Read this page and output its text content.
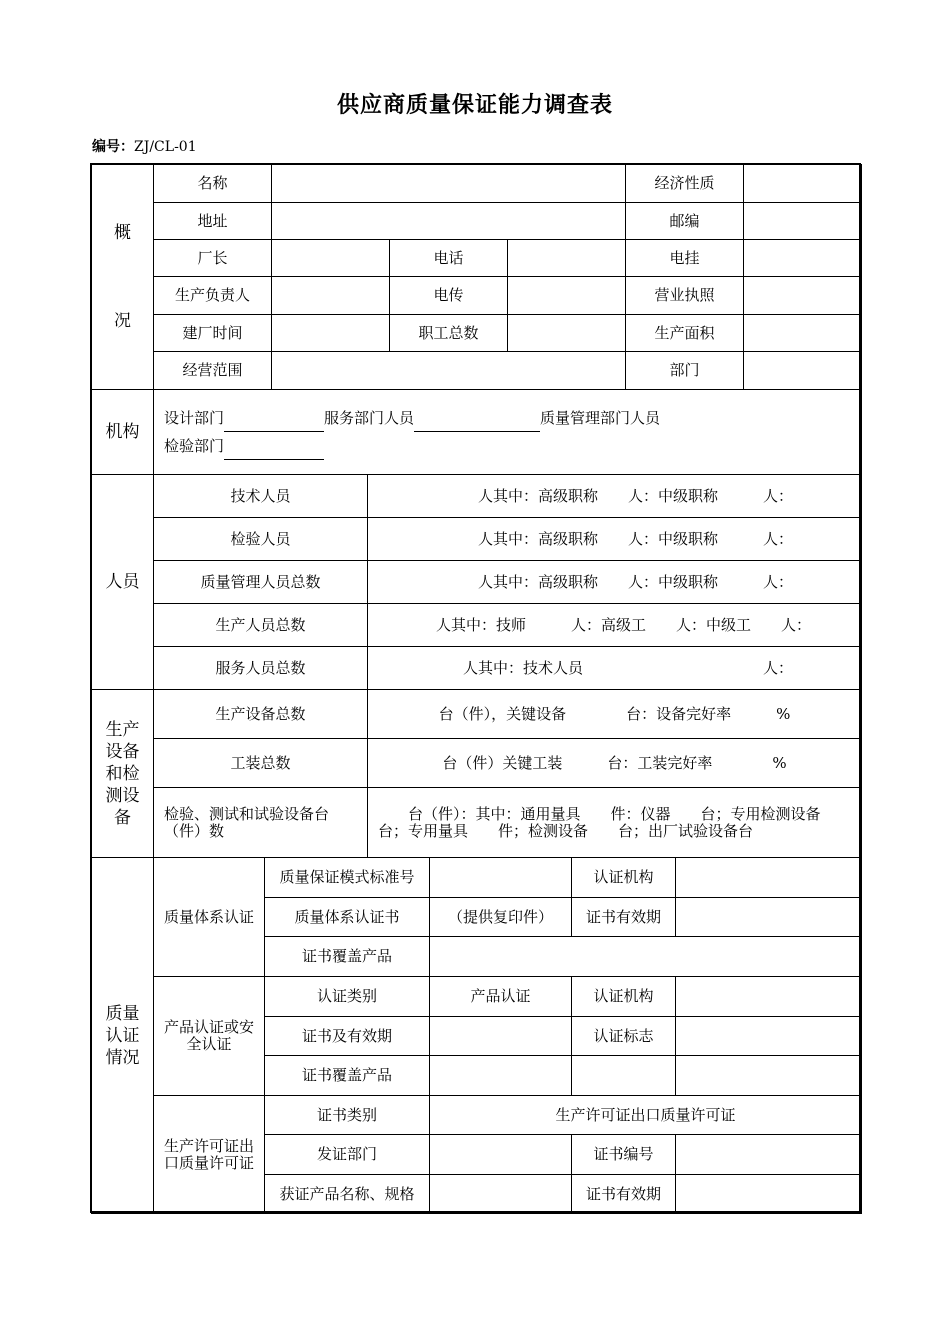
供应商质量保证能力调查表
编号：ZJ/CL-01
概

况	名称				经济性质	
	地址				邮编	
	厂长		电话		电挂	
	生产负责人		电传		营业执照	
	建厂时间		职工总数		生产面积	
	经营范围				部门	
机构	设计部门	服务部门人员	质量管理部门人员
检验部门
人员	技术人员	人其中：高级职称　　人：中级职称　　　人：
	检验人员	人其中：高级职称　　人：中级职称　　　人：
	质量管理人员总数	人其中：高级职称　　人：中级职称　　　人：
	生产人员总数	人其中：技师　　　人：高级工　　人：中级工　　人：
	服务人员总数	人其中：技术人员　　　　　　　　　　　　人：
生产
设备
和检
测设
备	生产设备总数	台（件），关键设备　　　　台：设备完好率　　　%
	工装总数	台（件）关键工装　　　台：工装完好率　　　　%
	检验、测试和试验设备台（件）数	　　台（件）：其中：通用量具　　件：仪器　　台；专用检测设备　　台；专用量具　　件；检测设备　　台；出厂试验设备台
质量
认证
情况	质量体系认证	质量保证模式标准号		认证机构	
		质量体系认证书	（提供复印件）	证书有效期	
		证书覆盖产品			
	产品认证或安全认证	认证类别	产品认证	认证机构	
		证书及有效期		认证标志	
		证书覆盖产品			
	生产许可证出口质量许可证	证书类别	生产许可证出口质量许可证		
		发证部门		证书编号	
		获证产品名称、规格		证书有效期	
